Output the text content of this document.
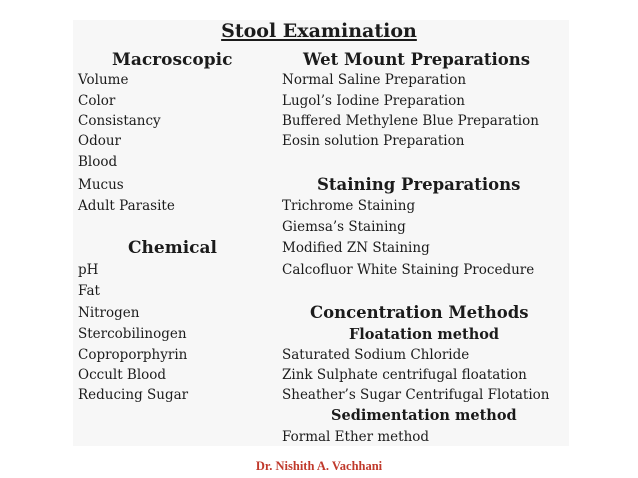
Stool Examination
Macroscopic
Volume
Color
Consistancy
Odour
Blood
Mucus
Adult Parasite
Chemical
pH
Fat
Nitrogen
Stercobilinogen
Coproporphyrin
Occult Blood
Reducing Sugar
Wet Mount Preparations
Normal Saline Preparation
Lugol’s Iodine Preparation
Buffered Methylene Blue Preparation
Eosin solution Preparation
Staining Preparations
Trichrome Staining
Giemsa’s Staining
Modified ZN Staining
Calcofluor White Staining Procedure
Concentration Methods
Floatation method
Saturated Sodium Chloride
Zink Sulphate centrifugal floatation
Sheather’s Sugar Centrifugal Flotation
Sedimentation method
Formal Ether method
Dr. Nishith A. Vachhani
